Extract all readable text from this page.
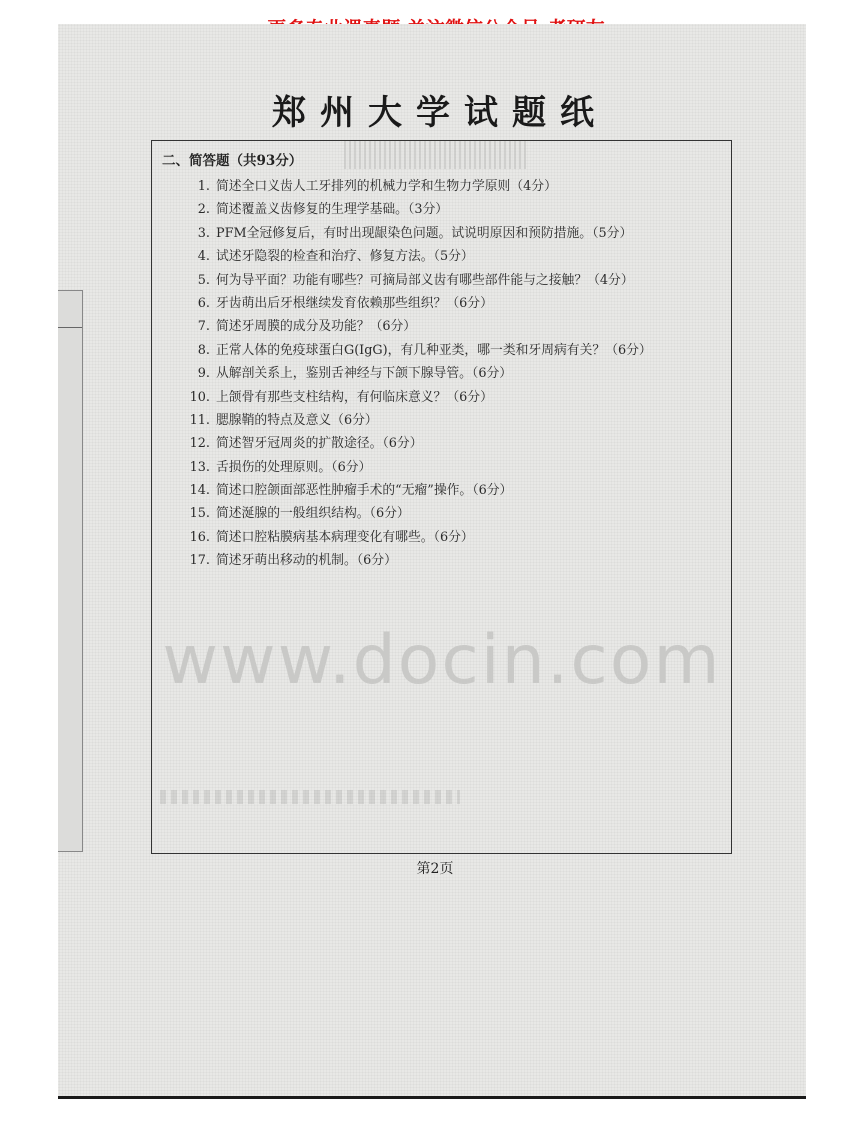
郑州大学试题纸
二、简答题（共93分）
1. 简述全口义齿人工牙排列的机械力学和生物力学原则（4分）
2. 简述覆盖义齿修复的生理学基础。（3分）
3. PFM全冠修复后，有时出现龈染色问题。试说明原因和预防措施。（5分）
4. 试述牙隐裂的检查和治疗、修复方法。（5分）
5. 何为导平面？功能有哪些？可摘局部义齿有哪些部件能与之接触？（4分）
6. 牙齿萌出后牙根继续发育依赖那些组织？（6分）
7. 简述牙周膜的成分及功能？（6分）
8. 正常人体的免疫球蛋白G(IgG)，有几种亚类，哪一类和牙周病有关？（6分）
9. 从解剖关系上，鉴别舌神经与下颌下腺导管。（6分）
10. 上颌骨有那些支柱结构，有何临床意义？（6分）
11. 腮腺鞘的特点及意义（6分）
12. 简述智牙冠周炎的扩散途径。（6分）
13. 舌损伤的处理原则。（6分）
14. 简述口腔颌面部恶性肿瘤手术的“无瘤”操作。（6分）
15. 简述涎腺的一般组织结构。（6分）
16. 简述口腔粘膜病基本病理变化有哪些。（6分）
17. 简述牙萌出移动的机制。（6分）
www.docin.com
第2页
